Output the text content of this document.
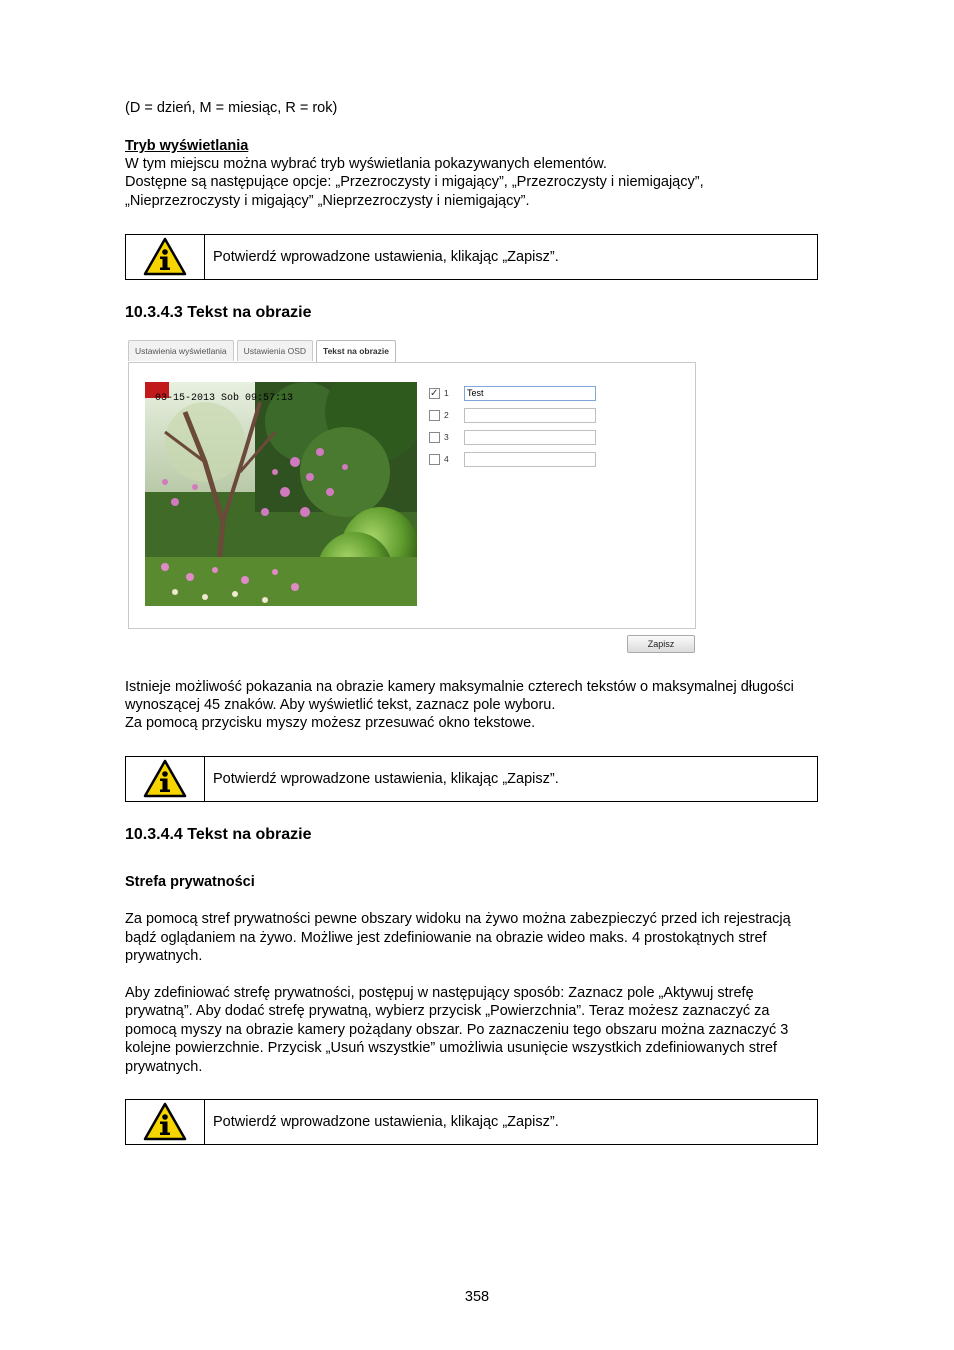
(D = dzień, M = miesiąc, R = rok)

Tryb wyświetlania

W tym miejscu można wybrać tryb wyświetlania pokazywanych elementów.

Dostępne są następujące opcje: „Przezroczysty i migający”, „Przezroczysty i niemigający”,

„Nieprzezroczysty i migający” „Nieprzezroczysty i niemigający”.

Potwierdź wprowadzone ustawienia, klikając „Zapisz”.
10.3.4.3 Tekst na obrazie
Ustawienia wyświetlania	Ustawienia OSD	Tekst na obrazie
03-15-2013 Sob 09:57:13
✓
1	Test
2
3
4
Zapisz

Istnieje możliwość pokazania na obrazie kamery maksymalnie czterech tekstów o maksymalnej długości

wynoszącej 45 znaków. Aby wyświetlić tekst, zaznacz pole wyboru.

Za pomocą przycisku myszy możesz przesuwać okno tekstowe.

Potwierdź wprowadzone ustawienia, klikając „Zapisz”.
10.3.4.4 Tekst na obrazie

Strefa prywatności

Za pomocą stref prywatności pewne obszary widoku na żywo można zabezpieczyć przed ich rejestracją

bądź oglądaniem na żywo. Możliwe jest zdefiniowanie na obrazie wideo maks. 4 prostokątnych stref

prywatnych.

Aby zdefiniować strefę prywatności, postępuj w następujący sposób: Zaznacz pole „Aktywuj strefę

prywatną”. Aby dodać strefę prywatną, wybierz przycisk „Powierzchnia”. Teraz możesz zaznaczyć za

pomocą myszy na obrazie kamery pożądany obszar. Po zaznaczeniu tego obszaru można zaznaczyć 3

kolejne powierzchnie. Przycisk „Usuń wszystkie” umożliwia usunięcie wszystkich zdefiniowanych stref

prywatnych.

Potwierdź wprowadzone ustawienia, klikając „Zapisz”.
358
